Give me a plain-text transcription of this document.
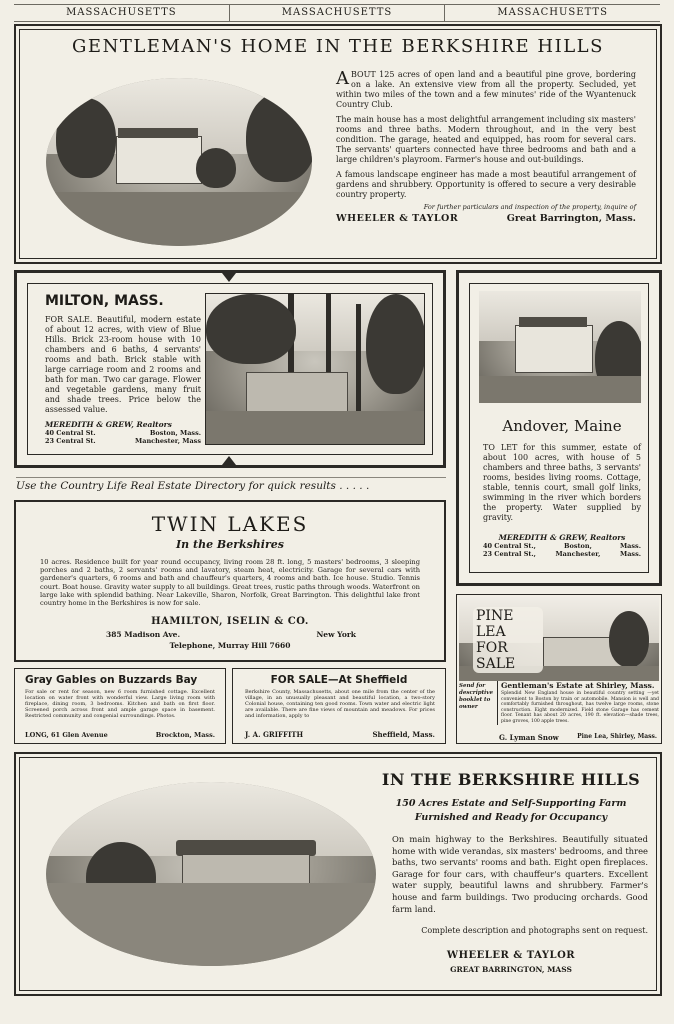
MASSACHUSETTS	MASSACHUSETTS	MASSACHUSETTS
GENTLEMAN'S HOME IN THE BERKSHIRE HILLS

ABOUT 125 acres of open land and a beautiful pine grove, bordering on a lake. An extensive view from all the property. Secluded, yet within two miles of the town and a few minutes' ride of the Wyantenuck Country Club.

The main house has a most delightful arrangement including six masters' rooms and three baths. Modern throughout, and in the very best condition. The garage, heated and equipped, has room for several cars. The servants' quarters connected have three bedrooms and bath and a large children's playroom. Farmer's house and out-buildings.

A famous landscape engineer has made a most beautiful arrangement of gardens and shrubbery. Opportunity is offered to secure a very desirable country property.

For further particulars and inspection of the property, inquire of
WHEELER & TAYLOR	Great Barrington, Mass.
MILTON, MASS.
FOR SALE. Beautiful, modern estate of about 12 acres, with view of Blue Hills. Brick 23-room house with 10 chambers and 6 baths, 4 servants' rooms and bath. Brick stable with large carriage room and 2 rooms and bath for man. Two car garage. Flower and vegetable gardens, many fruit and shade trees. Price below the assessed value.
MEREDITH & GREW, Realtors
40 Central St.	Boston, Mass.
23 Central St.	Manchester, Mass
Andover, Maine
TO LET for this summer, estate of about 100 acres, with house of 5 chambers and three baths, 3 servants' rooms, besides living rooms. Cottage, stable, tennis court, small golf links, swimming in the river which borders the property. Water supplied by gravity.
MEREDITH & GREW, Realtors
40 Central St.,	Boston,	Mass.
23 Central St.,	Manchester,	Mass.
Use the Country Life Real Estate Directory for quick results . . . . .
TWIN LAKES
In the Berkshires
10 acres. Residence built for year round occupancy, living room 28 ft. long, 5 masters' bedrooms, 3 sleeping porches and 2 baths, 2 servants' rooms and lavatory, steam heat, electricity. Garage for several cars with gardener's quarters, 6 rooms and bath and chauffeur's quarters, 4 rooms and bath. Ice house. Studio. Tennis court. Boat house. Gravity water supply to all buildings. Great trees, rustic paths through woods. Waterfront on large lake with splendid bathing. Near Lakeville, Sharon, Norfolk, Great Barrington. This delightful lake front country home in the Berkshires is now for sale.
HAMILTON, ISELIN & CO.
385 Madison Ave.	New York
Telephone, Murray Hill 7660
PINE LEA
FOR SALE
Send for descriptive booklet to owner
Gentleman's Estate at Shirley, Mass.
Splendid New England house in beautiful country setting —yet convenient to Boston by train or automobile. Mansion is well and comfortably furnished throughout, has twelve large rooms, stone construction. Eight modernized. Field stone Garage has cement floor. Tenant has about 20 acres, 190 ft. elevation—shade trees, pine groves, 100 apple trees.
G. Lyman Snow	Pine Lea, Shirley, Mass.
Gray Gables on Buzzards Bay
For sale or rent for season, new 6 room furnished cottage. Excellent location on water front with wonderful view. Large living room with fireplace, dining room, 3 bedrooms. Kitchen and bath on first floor. Screened porch across front and ample garage space in basement. Restricted community and congenial surroundings. Photos.
LONG, 61 Glen Avenue	Brockton, Mass.
FOR SALE—At Sheffield
Berkshire County, Massachusetts, about one mile from the center of the village, in an unusually pleasant and beautiful location, a two-story Colonial house, containing ten good rooms. Town water and electric light are available. There are fine views of mountain and meadows. For prices and information, apply to
J. A. GRIFFITH	Sheffield, Mass.
IN THE BERKSHIRE HILLS
150 Acres Estate and Self-Supporting Farm
Furnished and Ready for Occupancy
On main highway to the Berkshires. Beautifully situated home with wide verandas, six masters' bedrooms, and three baths, two servants' rooms and bath. Eight open fireplaces. Garage for four cars, with chauffeur's quarters. Excellent water supply, beautiful lawns and shrubbery. Farmer's house and farm buildings. Two producing orchards. Good farm land.
Complete description and photographs sent on request.
WHEELER & TAYLOR
GREAT BARRINGTON, MASS
